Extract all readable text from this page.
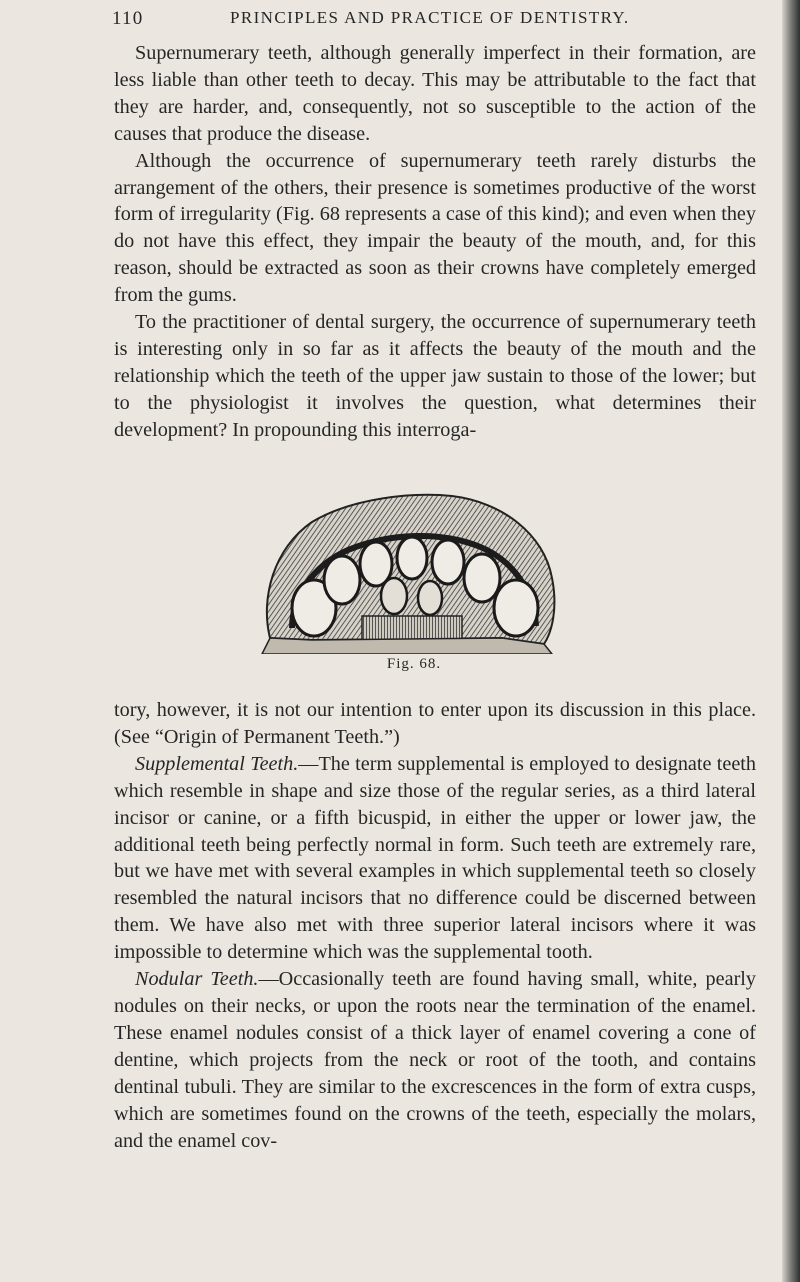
110	PRINCIPLES AND PRACTICE OF DENTISTRY.

Supernumerary teeth, although generally imperfect in their formation, are less liable than other teeth to decay. This may be attributable to the fact that they are harder, and, consequently, not so susceptible to the action of the causes that produce the disease.

Although the occurrence of supernumerary teeth rarely disturbs the arrangement of the others, their presence is sometimes productive of the worst form of irregularity (Fig. 68 represents a case of this kind); and even when they do not have this effect, they impair the beauty of the mouth, and, for this reason, should be extracted as soon as their crowns have completely emerged from the gums.

To the practitioner of dental surgery, the occurrence of supernumerary teeth is interesting only in so far as it affects the beauty of the mouth and the relationship which the teeth of the upper jaw sustain to those of the lower; but to the physiologist it involves the question, what determines their development? In propounding this interroga-

Fig. 68.

tory, however, it is not our intention to enter upon its discussion in this place. (See “Origin of Permanent Teeth.”)

Supplemental Teeth.—The term supplemental is employed to designate teeth which resemble in shape and size those of the regular series, as a third lateral incisor or canine, or a fifth bicuspid, in either the upper or lower jaw, the additional teeth being perfectly normal in form. Such teeth are extremely rare, but we have met with several examples in which supplemental teeth so closely resembled the natural incisors that no difference could be discerned between them. We have also met with three superior lateral incisors where it was impossible to determine which was the supplemental tooth.

Nodular Teeth.—Occasionally teeth are found having small, white, pearly nodules on their necks, or upon the roots near the termination of the enamel. These enamel nodules consist of a thick layer of enamel covering a cone of dentine, which projects from the neck or root of the tooth, and contains dentinal tubuli. They are similar to the excrescences in the form of extra cusps, which are sometimes found on the crowns of the teeth, especially the molars, and the enamel cov-
